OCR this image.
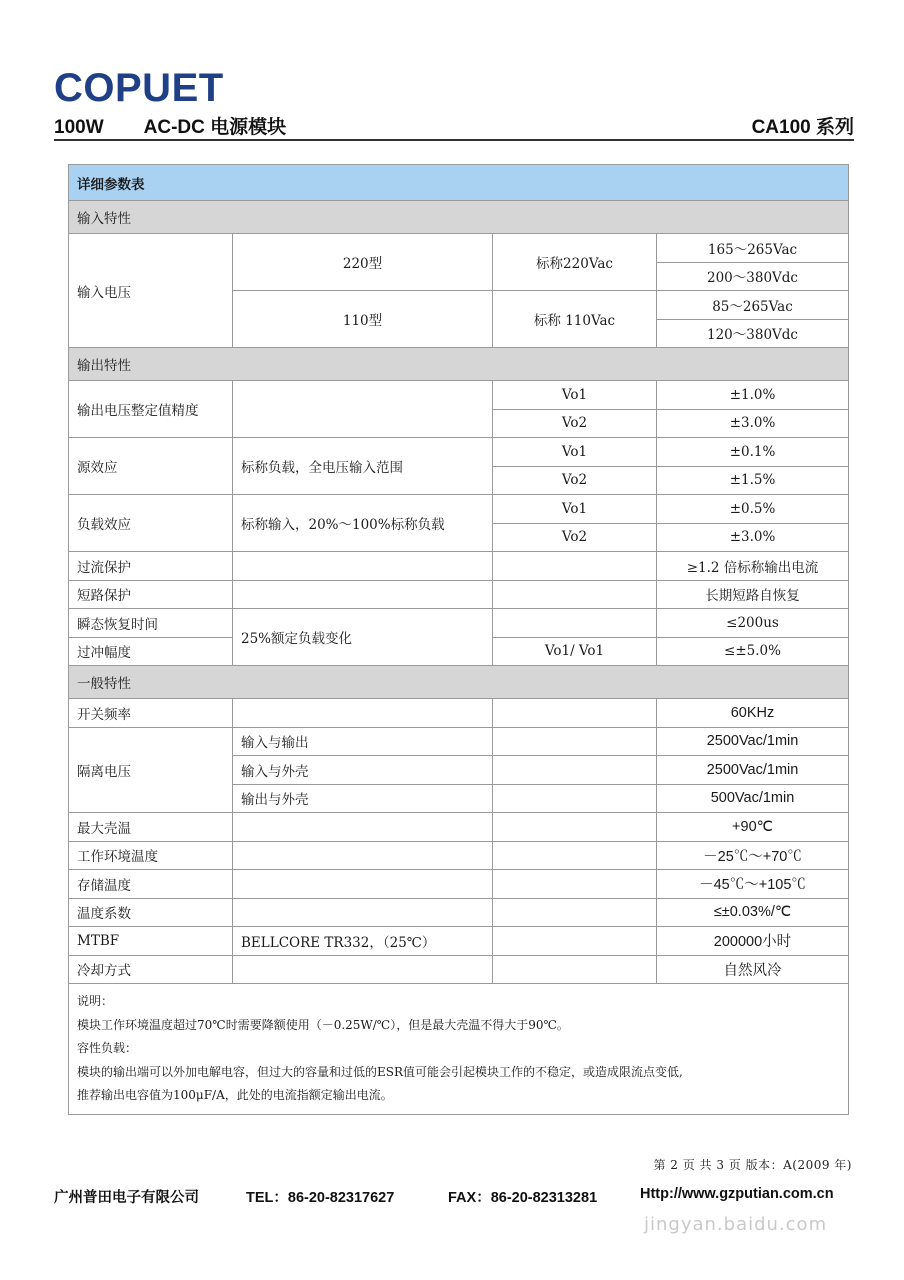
COPUET
100W AC-DC 电源模块	CA100 系列
详细参数表			
输入特性			
输入电压	220型	标称220Vac	165～265Vac
			200～380Vdc
	110型	标称 110Vac	85～265Vac
			120～380Vdc
输出特性			
输出电压整定值精度		Vo1	±1.0%
		Vo2	±3.0%
源效应	标称负载，全电压输入范围	Vo1	±0.1%
		Vo2	±1.5%
负载效应	标称输入，20%～100%标称负载	Vo1	±0.5%
		Vo2	±3.0%
过流保护			≥1.2 倍标称输出电流
短路保护			长期短路自恢复
瞬态恢复时间	25%额定负载变化		≤200us
过冲幅度		Vo1/ Vo1	≤±5.0%
一般特性			
开关频率			60KHz
隔离电压	输入与输出		2500Vac/1min
	输入与外壳		2500Vac/1min
	输出与外壳		500Vac/1min
最大壳温			+90℃
工作环境温度			－25℃～+70℃
存储温度			－45℃～+105℃
温度系数			≤±0.03%/℃
MTBF	BELLCORE TR332，（25℃）		200000小时
冷却方式			自然风冷

说明：
模块工作环境温度超过70℃时需要降额使用（－0.25W/℃），但是最大壳温不得大于90℃。
容性负载：
模块的输出端可以外加电解电容，但过大的容量和过低的ESR值可能会引起模块工作的不稳定，或造成限流点变低,
推荐输出电容值为100μF/A，此处的电流指额定输出电流。			
第 2 页 共 3 页 版本：A(2009 年)
广州普田电子有限公司	TEL：86-20-82317627	FAX：86-20-82313281	Http://www.gzputian.com.cn
jingyan.baidu.com
